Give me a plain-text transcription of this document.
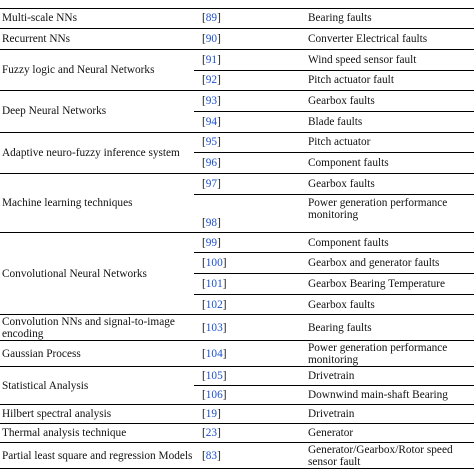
Multi-scale NNs	[89]	Bearing faults
Recurrent NNs	[90]	Converter Electrical faults
Fuzzy logic and Neural Networks	[91]	Wind speed sensor fault
	[92]	Pitch actuator fault
Deep Neural Networks	[93]	Gearbox faults
	[94]	Blade faults
Adaptive neuro-fuzzy inference system	[95]	Pitch actuator
	[96]	Component faults
Machine learning techniques	[97]	Gearbox faults
	[98]	Power generation performance monitoring

Convolutional Neural Networks	[99]	Component faults
	[100]	Gearbox and generator faults
	[101]	Gearbox Bearing Temperature
	[102]	Gearbox faults
Convolution NNs and signal-to-image encoding	[103]	Bearing faults
Gaussian Process	[104]	Power generation performance monitoring
Statistical Analysis	[105]	Drivetrain
	[106]	Downwind main-shaft Bearing
Hilbert spectral analysis	[19]	Drivetrain
Thermal analysis technique	[23]	Generator
Partial least square and regression Models	[83]	Generator/Gearbox/Rotor speed sensor fault
